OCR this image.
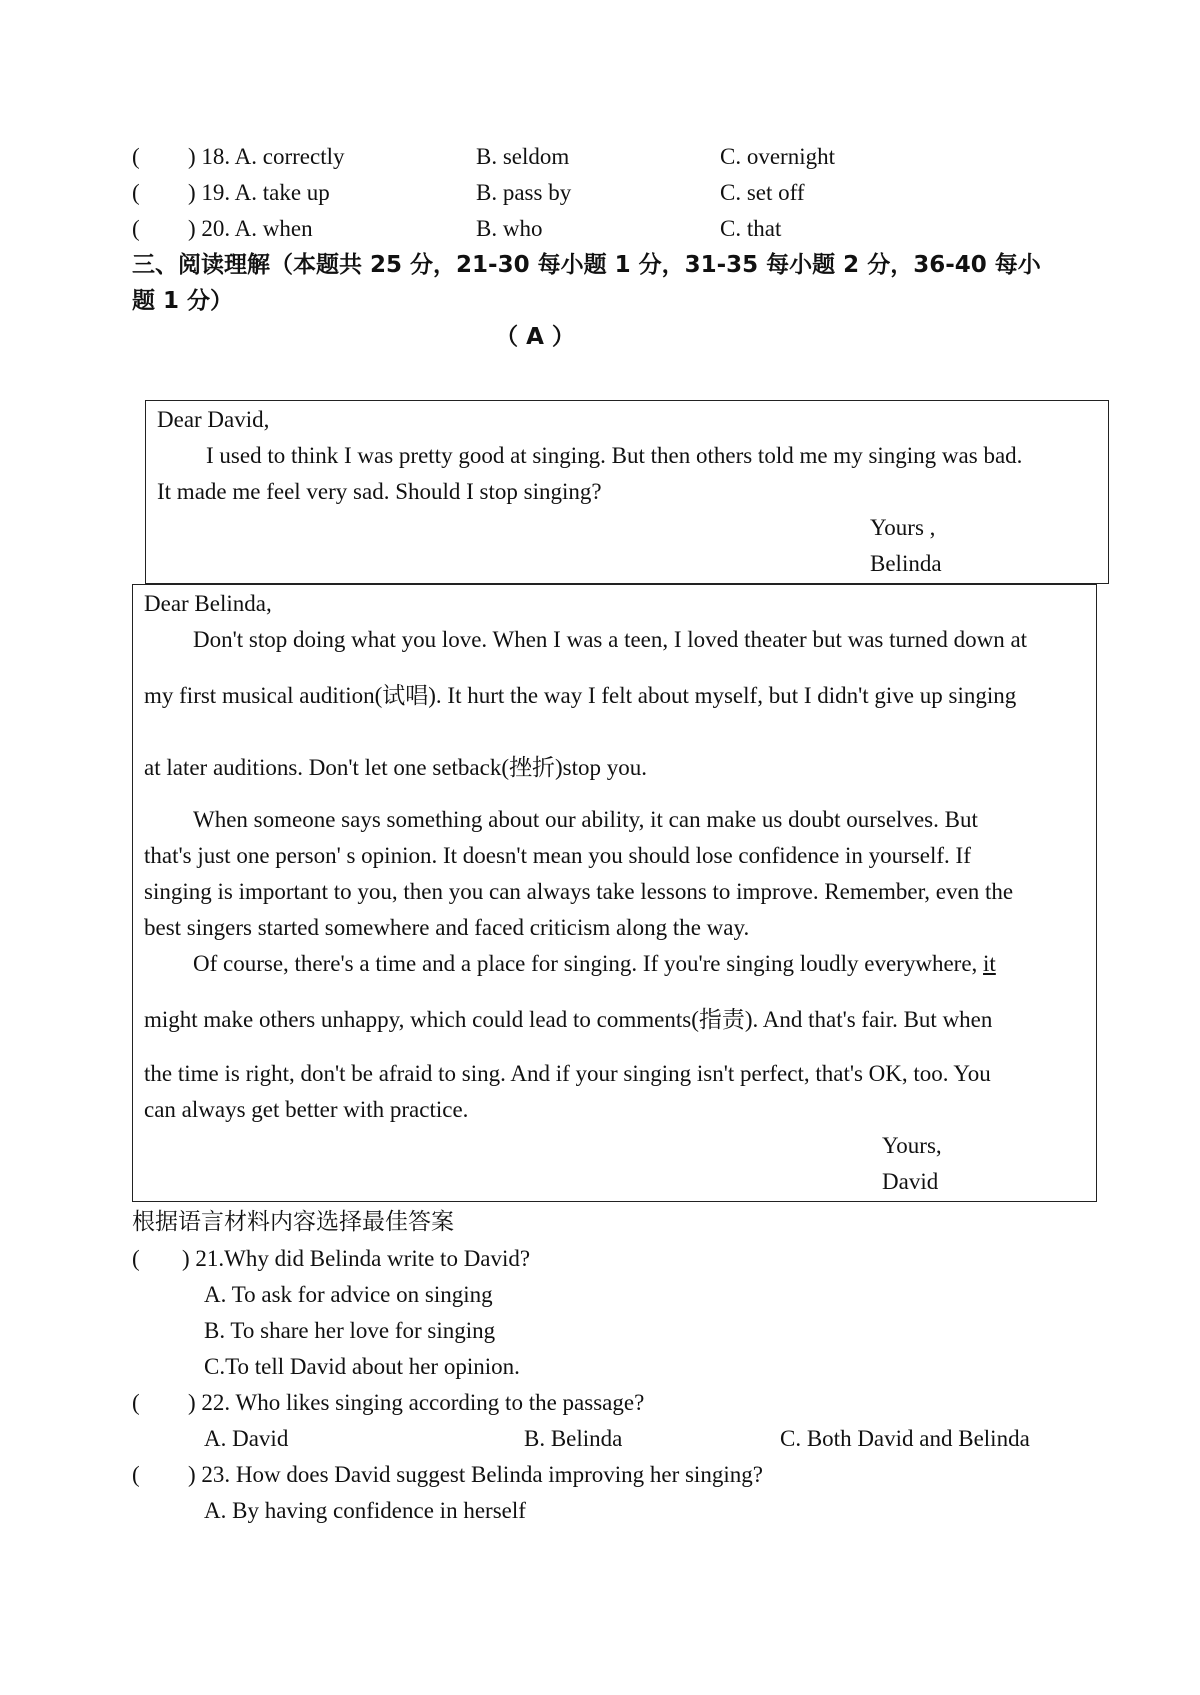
( ) 18. A. correctly	B. seldom	C. overnight
( ) 19. A. take up	B. pass by	C. set off
( ) 20. A. when	B. who	C. that
三、阅读理解（本题共 25 分，21-30 每小题 1 分，31-35 每小题 2 分，36-40 每小
题 1 分）
（ A ）
Dear David,
I used to think I was pretty good at singing. But then others told me my singing was bad.
It made me feel very sad. Should I stop singing?
Yours ,
Belinda
Dear Belinda,
Don't stop doing what you love. When I was a teen, I loved theater but was turned down at
my first musical audition(试唱). It hurt the way I felt about myself, but I didn't give up singing
at later auditions. Don't let one setback(挫折)stop you.
When someone says something about our ability, it can make us doubt ourselves. But
that's just one person' s opinion. It doesn't mean you should lose confidence in yourself. If
singing is important to you, then you can always take lessons to improve. Remember, even the
best singers started somewhere and faced criticism along the way.
Of course, there's a time and a place for singing. If you're singing loudly everywhere, it
might make others unhappy, which could lead to comments(指责). And that's fair. But when
the time is right, don't be afraid to sing. And if your singing isn't perfect, that's OK, too. You
can always get better with practice.
Yours,
David
根据语言材料内容选择最佳答案
( ) 21.Why did Belinda write to David?
A. To ask for advice on singing
B. To share her love for singing
C.To tell David about her opinion.
( ) 22. Who likes singing according to the passage?
A. David	B. Belinda	C. Both David and Belinda
( ) 23. How does David suggest Belinda improving her singing?
A. By having confidence in herself
